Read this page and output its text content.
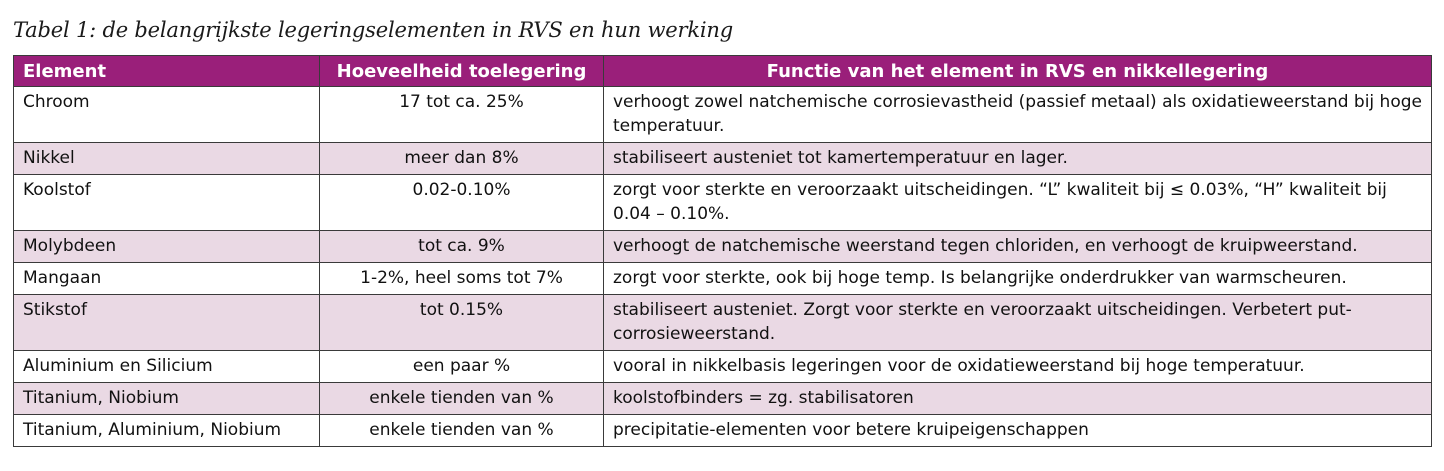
Tabel 1: de belangrijkste legeringselementen in RVS en hun werking
Element	Hoeveelheid toelegering	Functie van het element in RVS en nikkellegering
Chroom	17 tot ca. 25%	verhoogt zowel natchemische corrosievastheid (passief metaal) als oxidatieweerstand bij hoge temperatuur.
Nikkel	meer dan 8%	stabiliseert austeniet tot kamertemperatuur en lager.
Koolstof	0.02-0.10%	zorgt voor sterkte en veroorzaakt uitscheidingen. “L” kwaliteit bij ≤ 0.03%, “H” kwaliteit bij 0.04 – 0.10%.
Molybdeen	tot ca. 9%	verhoogt de natchemische weerstand tegen chloriden, en verhoogt de kruipweerstand.
Mangaan	1-2%, heel soms tot 7%	zorgt voor sterkte, ook bij hoge temp. Is belangrijke onderdrukker van warmscheuren.
Stikstof	tot 0.15%	stabiliseert austeniet. Zorgt voor sterkte en veroorzaakt uitscheidingen. Verbetert put-corrosieweerstand.
Aluminium en Silicium	een paar %	vooral in nikkelbasis legeringen voor de oxidatieweerstand bij hoge temperatuur.
Titanium, Niobium	enkele tienden van %	koolstofbinders = zg. stabilisatoren
Titanium, Aluminium, Niobium	enkele tienden van %	precipitatie-elementen voor betere kruipeigenschappen
